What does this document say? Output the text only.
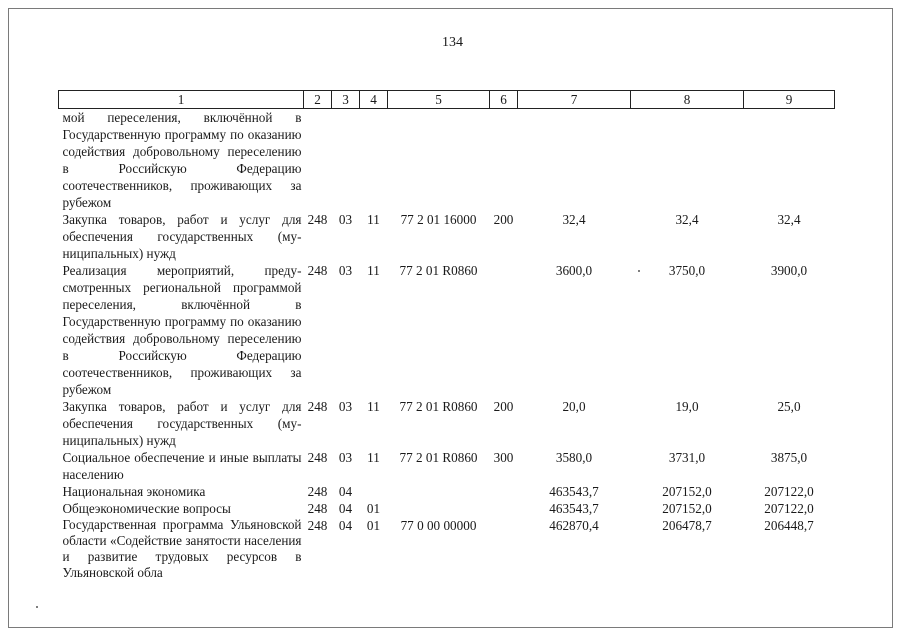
134
1	2	3	4	5	6	7	8	9
мой переселения, включённой в Государственную программу по оказанию содействия добровольному переселению в Российскую Федерацию соотечественников, проживающих за рубежом								
Закупка товаров, работ и услуг для обеспечения государственных (муниципальных) нужд	248	03	11	77 2 01 16000	200	32,4	32,4	32,4
Реализация мероприятий, предусмотренных региональной программой переселения, включённой в Государственную программу по оказанию содействия добровольному переселению в Российскую Федерацию соотечественников, проживающих за рубежом	248	03	11	77 2 01 R0860		3600,0	3750,0	3900,0
Закупка товаров, работ и услуг для обеспечения государственных (муниципальных) нужд	248	03	11	77 2 01 R0860	200	20,0	19,0	25,0
Социальное обеспечение и иные выплаты населению	248	03	11	77 2 01 R0860	300	3580,0	3731,0	3875,0
Национальная экономика	248	04				463543,7	207152,0	207122,0
Общеэкономические вопросы	248	04	01			463543,7	207152,0	207122,0
Государственная программа Ульяновской области «Содействие занятости населения и развитие трудовых ресурсов в Ульяновской обла	248	04	01	77 0 00 00000		462870,4	206478,7	206448,7
